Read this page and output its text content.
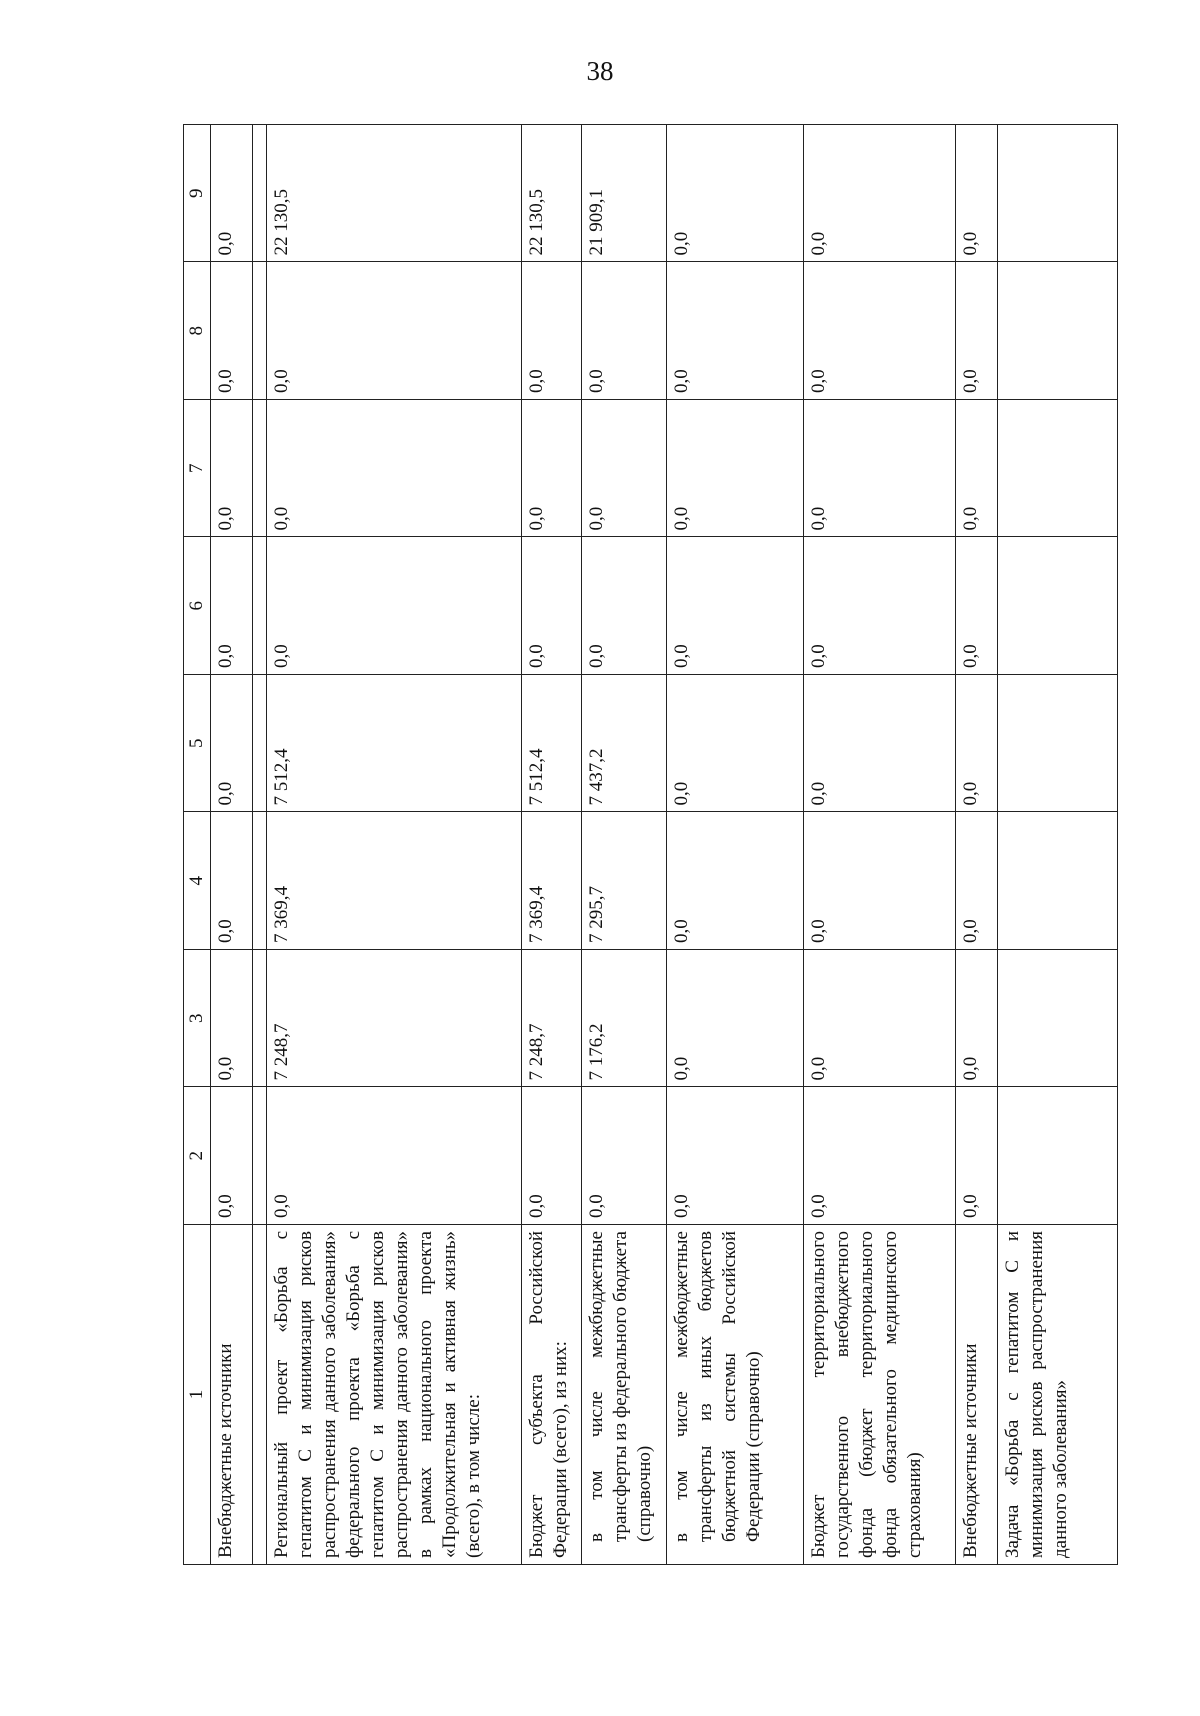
38
1	2	3	4	5	6	7	8	9
Внебюджетные источники	0,0	0,0	0,0	0,0	0,0	0,0	0,0	0,0

Региональный проект «Борьба с гепатитом С и минимизация рисков распространения данного заболевания» федерального проекта «Борьба с гепатитом С и минимизация рисков распространения данного заболевания» в рамках национального проекта «Продолжительная и активная жизнь» (всего), в том числе:	0,0	7 248,7	7 369,4	7 512,4	0,0	0,0	0,0	22 130,5
Бюджет субъекта Российской Федерации (всего), из них:	0,0	7 248,7	7 369,4	7 512,4	0,0	0,0	0,0	22 130,5
в том числе межбюджетные трансферты из федерального бюджета (справочно)	0,0	7 176,2	7 295,7	7 437,2	0,0	0,0	0,0	21 909,1
в том числе межбюджетные трансферты из иных бюджетов бюджетной системы Российской Федерации (справочно)	0,0	0,0	0,0	0,0	0,0	0,0	0,0	0,0
Бюджет территориального государственного внебюджетного фонда (бюджет территориального фонда обязательного медицинского страхования)	0,0	0,0	0,0	0,0	0,0	0,0	0,0	0,0
Внебюджетные источники	0,0	0,0	0,0	0,0	0,0	0,0	0,0	0,0
Задача «Борьба с гепатитом С и минимизация рисков распространения данного заболевания»								
